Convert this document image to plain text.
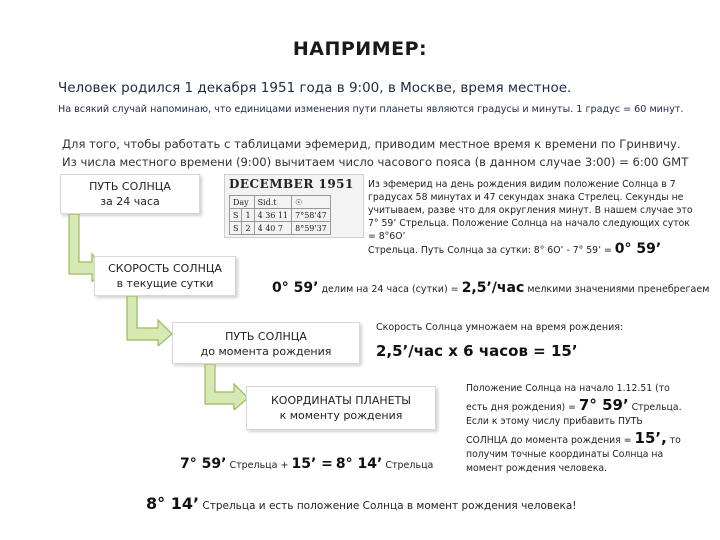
НАПРИМЕР:
Человек родился 1 декабря 1951 года в 9:00, в Москве, время местное.
На всякий случай напоминаю, что единицами изменения пути планеты являются градусы и минуты. 1 градус = 60 минут.
Для того, чтобы работать с таблицами эфемерид, приводим местное время к времени по Гринвичу.
Из числа местного времени (9:00) вычитаем число часового пояса (в данном случае 3:00) = 6:00 GMT
ПУТЬ СОЛНЦА
за 24 часа
DECEMBER 1951
Day		Sid.t	☉
S	1	4 36 11	7°58'47
S	2	4 40 7	8°59'37
Из эфемерид на день рождения видим положение Солнца в 7 градусах 58 минутах и 47 секундах знака Стрелец. Секунды не учитываем, разве что для округления минут. В нашем случае это 7° 59’ Стрельца. Положение Солнца на начало следующих суток = 8°6О’
Стрельца. Путь Солнца за сутки: 8° 6О’ - 7° 59’ = 0° 59’
СКОРОСТЬ СОЛНЦА
в текущие сутки	0° 59’ делим на 24 часа (сутки) = 2,5’/час мелкими значениями пренебрегаем
ПУТЬ СОЛНЦА
до момента рождения
Скорость Солнца умножаем на время рождения:
2,5’/час х 6 часов = 15’
КООРДИНАТЫ ПЛАНЕТЫ
к моменту рождения
Положение Солнца на начало 1.12.51 (то
есть дня рождения) = 7° 59’ Стрельца.
Если к этому числу прибавить ПУТЬ
СОЛНЦА до момента рождения = 15’, то
получим точные координаты Солнца на
момент рождения человека.
7° 59’ Стрельца + 15’ = 8° 14’ Стрельца
8° 14’ Стрельца и есть положение Солнца в момент рождения человека!
